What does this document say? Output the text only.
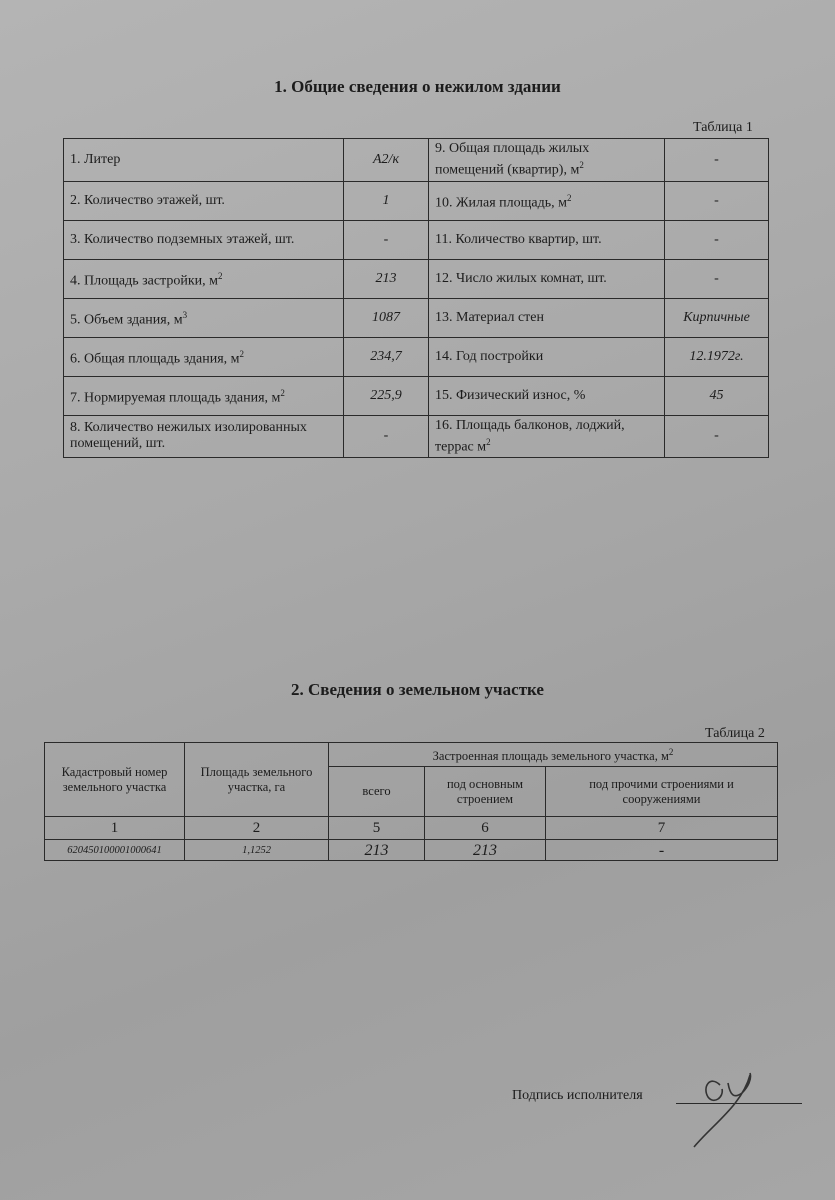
1. Общие сведения о нежилом здании
Таблица 1
1. Литер	А2/к	9. Общая площадь жилых помещений (квартир), $м^2$	-
2. Количество этажей, шт.	1	10. Жилая площадь, $м^2$	-
3. Количество подземных этажей, шт.	-	11. Количество квартир, шт.	-
4. Площадь застройки, $м^2$	213	12. Число жилых комнат, шт.	-
5. Объем здания, $м^3$	1087	13. Материал стен	Кирпичные
6. Общая площадь здания, $м^2$	234,7	14. Год постройки	12.1972г.
7. Нормируемая площадь здания, $м^2$	225,9	15. Физический износ, %	45
8. Количество нежилых изолированных помещений, шт.	-	16. Площадь балконов, лоджий, террас $м^2$	-
2. Сведения о земельном участке
Таблица 2
Кадастровый номер земельного участка	Площадь земельного участка, га	Застроенная площадь земельного участка, $м^2$
		всего	под основным строением	под прочими строениями и сооружениями
1	2	5	6	7
620450100001000641	1,1252	213	213	-
Подпись исполнителя
